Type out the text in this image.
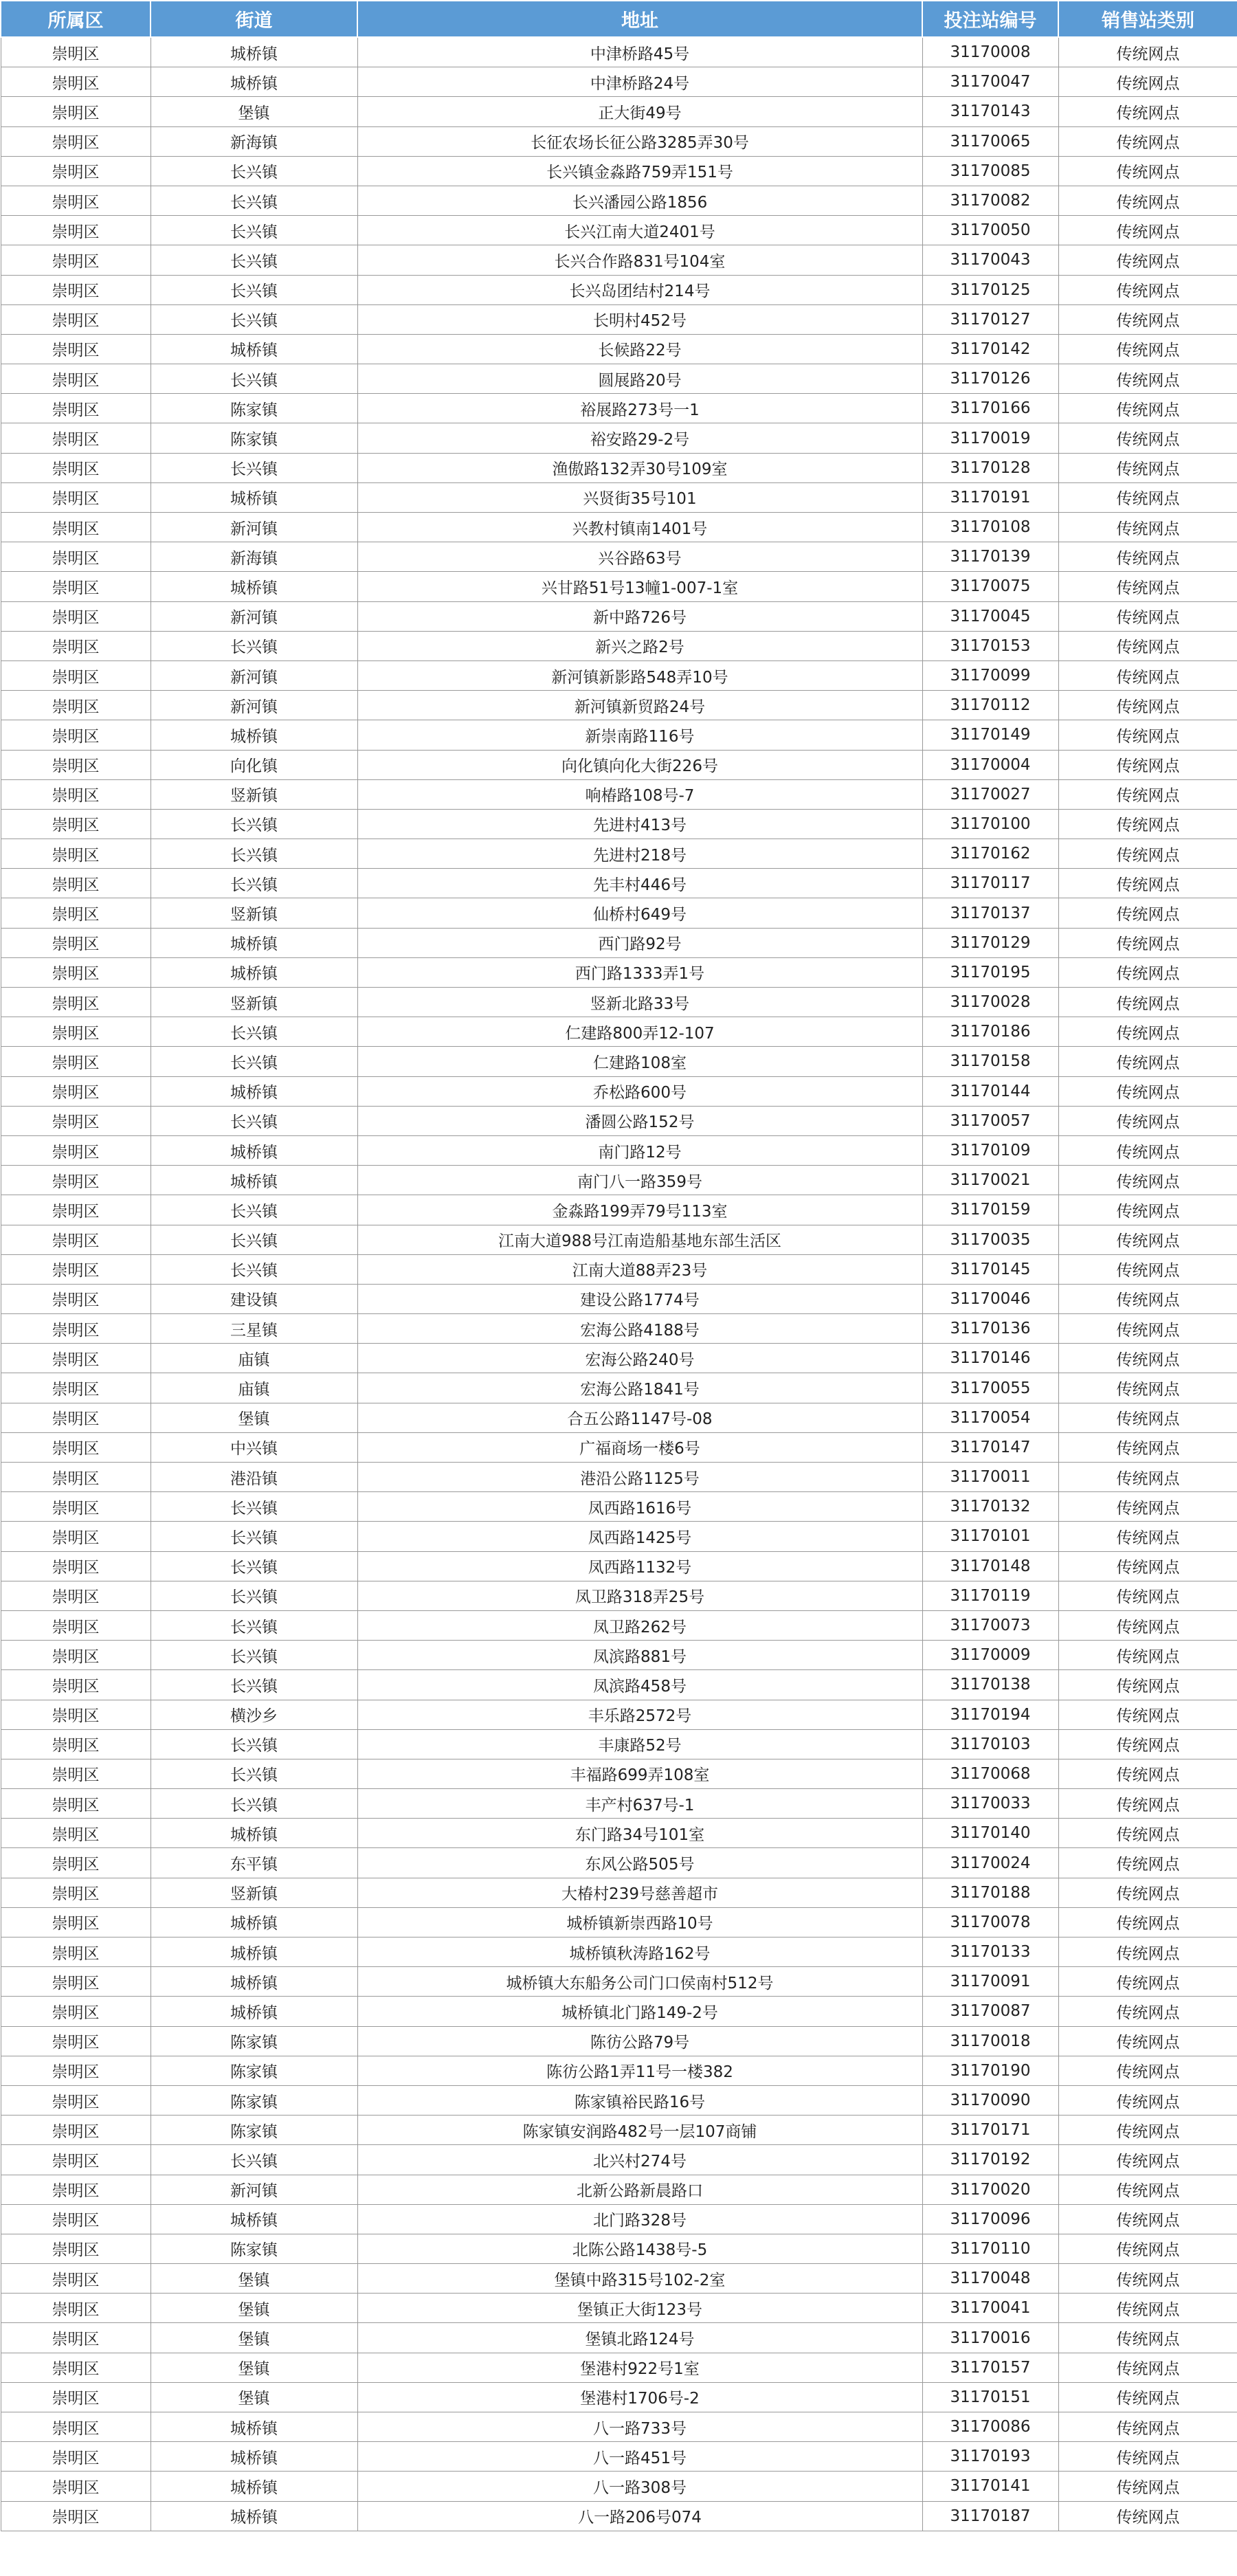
所属区	街道	地址	投注站编号	销售站类别
崇明区	城桥镇	中津桥路45号	31170008	传统网点
崇明区	城桥镇	中津桥路24号	31170047	传统网点
崇明区	堡镇	正大街49号	31170143	传统网点
崇明区	新海镇	长征农场长征公路3285弄30号	31170065	传统网点
崇明区	长兴镇	长兴镇金淼路759弄151号	31170085	传统网点
崇明区	长兴镇	长兴潘园公路1856	31170082	传统网点
崇明区	长兴镇	长兴江南大道2401号	31170050	传统网点
崇明区	长兴镇	长兴合作路831号104室	31170043	传统网点
崇明区	长兴镇	长兴岛团结村214号	31170125	传统网点
崇明区	长兴镇	长明村452号	31170127	传统网点
崇明区	城桥镇	长候路22号	31170142	传统网点
崇明区	长兴镇	圆展路20号	31170126	传统网点
崇明区	陈家镇	裕展路273号一1	31170166	传统网点
崇明区	陈家镇	裕安路29-2号	31170019	传统网点
崇明区	长兴镇	渔傲路132弄30号109室	31170128	传统网点
崇明区	城桥镇	兴贤街35号101	31170191	传统网点
崇明区	新河镇	兴教村镇南1401号	31170108	传统网点
崇明区	新海镇	兴谷路63号	31170139	传统网点
崇明区	城桥镇	兴甘路51号13幢1-007-1室	31170075	传统网点
崇明区	新河镇	新中路726号	31170045	传统网点
崇明区	长兴镇	新兴之路2号	31170153	传统网点
崇明区	新河镇	新河镇新影路548弄10号	31170099	传统网点
崇明区	新河镇	新河镇新贸路24号	31170112	传统网点
崇明区	城桥镇	新崇南路116号	31170149	传统网点
崇明区	向化镇	向化镇向化大街226号	31170004	传统网点
崇明区	竖新镇	响椿路108号-7	31170027	传统网点
崇明区	长兴镇	先进村413号	31170100	传统网点
崇明区	长兴镇	先进村218号	31170162	传统网点
崇明区	长兴镇	先丰村446号	31170117	传统网点
崇明区	竖新镇	仙桥村649号	31170137	传统网点
崇明区	城桥镇	西门路92号	31170129	传统网点
崇明区	城桥镇	西门路1333弄1号	31170195	传统网点
崇明区	竖新镇	竖新北路33号	31170028	传统网点
崇明区	长兴镇	仁建路800弄12-107	31170186	传统网点
崇明区	长兴镇	仁建路108室	31170158	传统网点
崇明区	城桥镇	乔松路600号	31170144	传统网点
崇明区	长兴镇	潘圆公路152号	31170057	传统网点
崇明区	城桥镇	南门路12号	31170109	传统网点
崇明区	城桥镇	南门八一路359号	31170021	传统网点
崇明区	长兴镇	金淼路199弄79号113室	31170159	传统网点
崇明区	长兴镇	江南大道988号江南造船基地东部生活区	31170035	传统网点
崇明区	长兴镇	江南大道88弄23号	31170145	传统网点
崇明区	建设镇	建设公路1774号	31170046	传统网点
崇明区	三星镇	宏海公路4188号	31170136	传统网点
崇明区	庙镇	宏海公路240号	31170146	传统网点
崇明区	庙镇	宏海公路1841号	31170055	传统网点
崇明区	堡镇	合五公路1147号-08	31170054	传统网点
崇明区	中兴镇	广福商场一楼6号	31170147	传统网点
崇明区	港沿镇	港沿公路1125号	31170011	传统网点
崇明区	长兴镇	凤西路1616号	31170132	传统网点
崇明区	长兴镇	凤西路1425号	31170101	传统网点
崇明区	长兴镇	凤西路1132号	31170148	传统网点
崇明区	长兴镇	凤卫路318弄25号	31170119	传统网点
崇明区	长兴镇	凤卫路262号	31170073	传统网点
崇明区	长兴镇	凤滨路881号	31170009	传统网点
崇明区	长兴镇	凤滨路458号	31170138	传统网点
崇明区	横沙乡	丰乐路2572号	31170194	传统网点
崇明区	长兴镇	丰康路52号	31170103	传统网点
崇明区	长兴镇	丰福路699弄108室	31170068	传统网点
崇明区	长兴镇	丰产村637号-1	31170033	传统网点
崇明区	城桥镇	东门路34号101室	31170140	传统网点
崇明区	东平镇	东风公路505号	31170024	传统网点
崇明区	竖新镇	大椿村239号慈善超市	31170188	传统网点
崇明区	城桥镇	城桥镇新崇西路10号	31170078	传统网点
崇明区	城桥镇	城桥镇秋涛路162号	31170133	传统网点
崇明区	城桥镇	城桥镇大东船务公司门口侯南村512号	31170091	传统网点
崇明区	城桥镇	城桥镇北门路149-2号	31170087	传统网点
崇明区	陈家镇	陈彷公路79号	31170018	传统网点
崇明区	陈家镇	陈彷公路1弄11号一楼382	31170190	传统网点
崇明区	陈家镇	陈家镇裕民路16号	31170090	传统网点
崇明区	陈家镇	陈家镇安润路482号一层107商铺	31170171	传统网点
崇明区	长兴镇	北兴村274号	31170192	传统网点
崇明区	新河镇	北新公路新晨路口	31170020	传统网点
崇明区	城桥镇	北门路328号	31170096	传统网点
崇明区	陈家镇	北陈公路1438号-5	31170110	传统网点
崇明区	堡镇	堡镇中路315号102-2室	31170048	传统网点
崇明区	堡镇	堡镇正大街123号	31170041	传统网点
崇明区	堡镇	堡镇北路124号	31170016	传统网点
崇明区	堡镇	堡港村922号1室	31170157	传统网点
崇明区	堡镇	堡港村1706号-2	31170151	传统网点
崇明区	城桥镇	八一路733号	31170086	传统网点
崇明区	城桥镇	八一路451号	31170193	传统网点
崇明区	城桥镇	八一路308号	31170141	传统网点
崇明区	城桥镇	八一路206号074	31170187	传统网点
